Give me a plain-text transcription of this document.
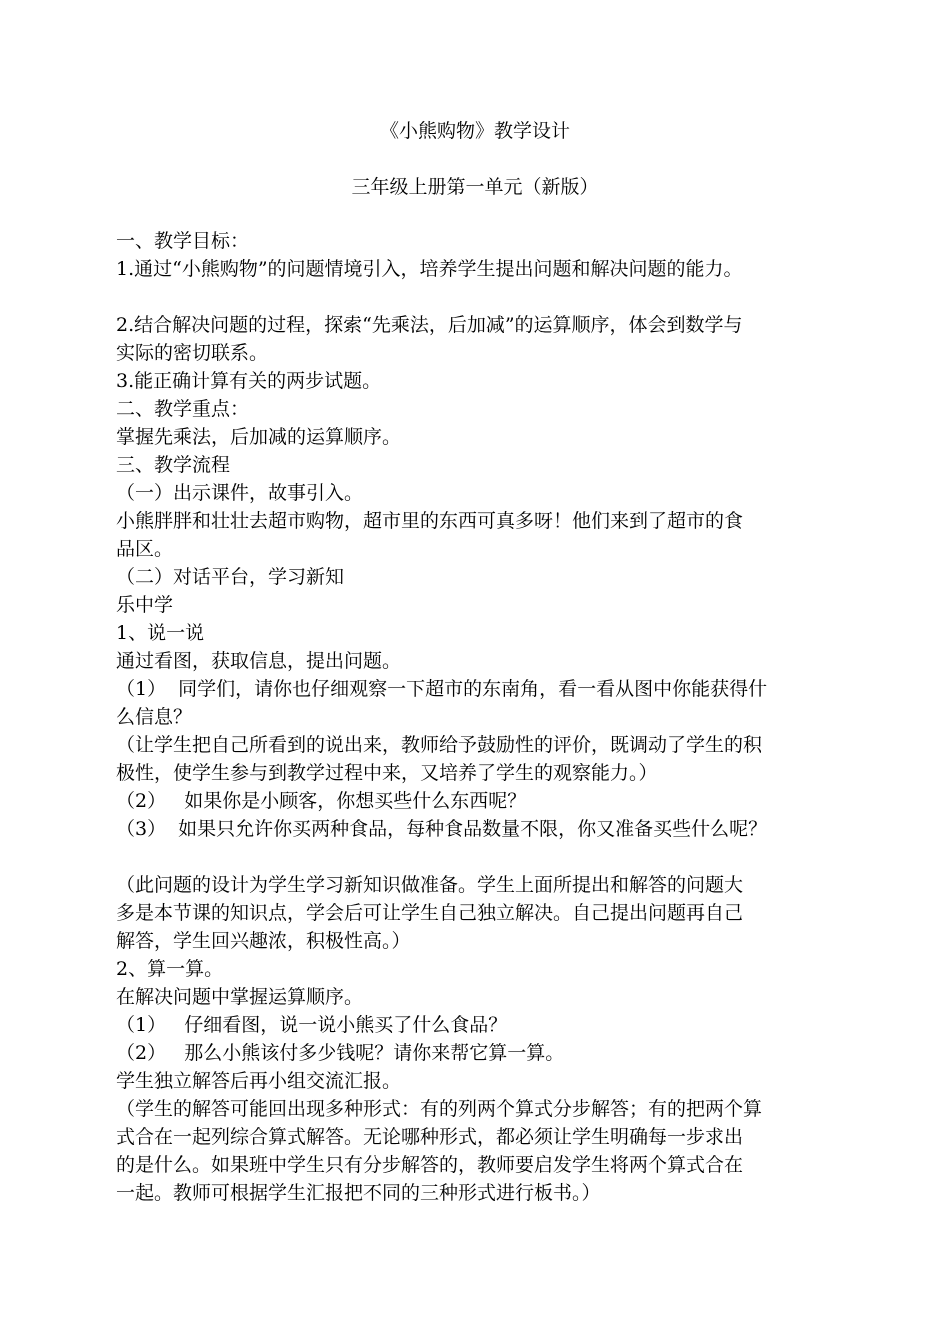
《小熊购物》教学设计
三年级上册第一单元（新版）
一、教学目标：
1.通过“小熊购物”的问题情境引入，培养学生提出问题和解决问题的能力。
2.结合解决问题的过程，探索“先乘法，后加减”的运算顺序，体会到数学与
实际的密切联系。
3.能正确计算有关的两步试题。
二、教学重点：
掌握先乘法，后加减的运算顺序。
三、教学流程
（一）出示课件，故事引入。
小熊胖胖和壮壮去超市购物，超市里的东西可真多呀！他们来到了超市的食
品区。
（二）对话平台，学习新知
乐中学
1、说一说
通过看图，获取信息，提出问题。
（1）  同学们，请你也仔细观察一下超市的东南角，看一看从图中你能获得什
么信息？
（让学生把自己所看到的说出来，教师给予鼓励性的评价，既调动了学生的积
极性，使学生参与到教学过程中来，又培养了学生的观察能力。）
（2）   如果你是小顾客，你想买些什么东西呢？
（3）  如果只允许你买两种食品，每种食品数量不限，你又准备买些什么呢？
（此问题的设计为学生学习新知识做准备。学生上面所提出和解答的问题大
多是本节课的知识点，学会后可让学生自己独立解决。自己提出问题再自己
解答，学生回兴趣浓，积极性高。）
2、算一算。
在解决问题中掌握运算顺序。
（1）   仔细看图，说一说小熊买了什么食品？
（2）   那么小熊该付多少钱呢？请你来帮它算一算。
学生独立解答后再小组交流汇报。
（学生的解答可能回出现多种形式：有的列两个算式分步解答；有的把两个算
式合在一起列综合算式解答。无论哪种形式，都必须让学生明确每一步求出
的是什么。如果班中学生只有分步解答的，教师要启发学生将两个算式合在
一起。教师可根据学生汇报把不同的三种形式进行板书。）
